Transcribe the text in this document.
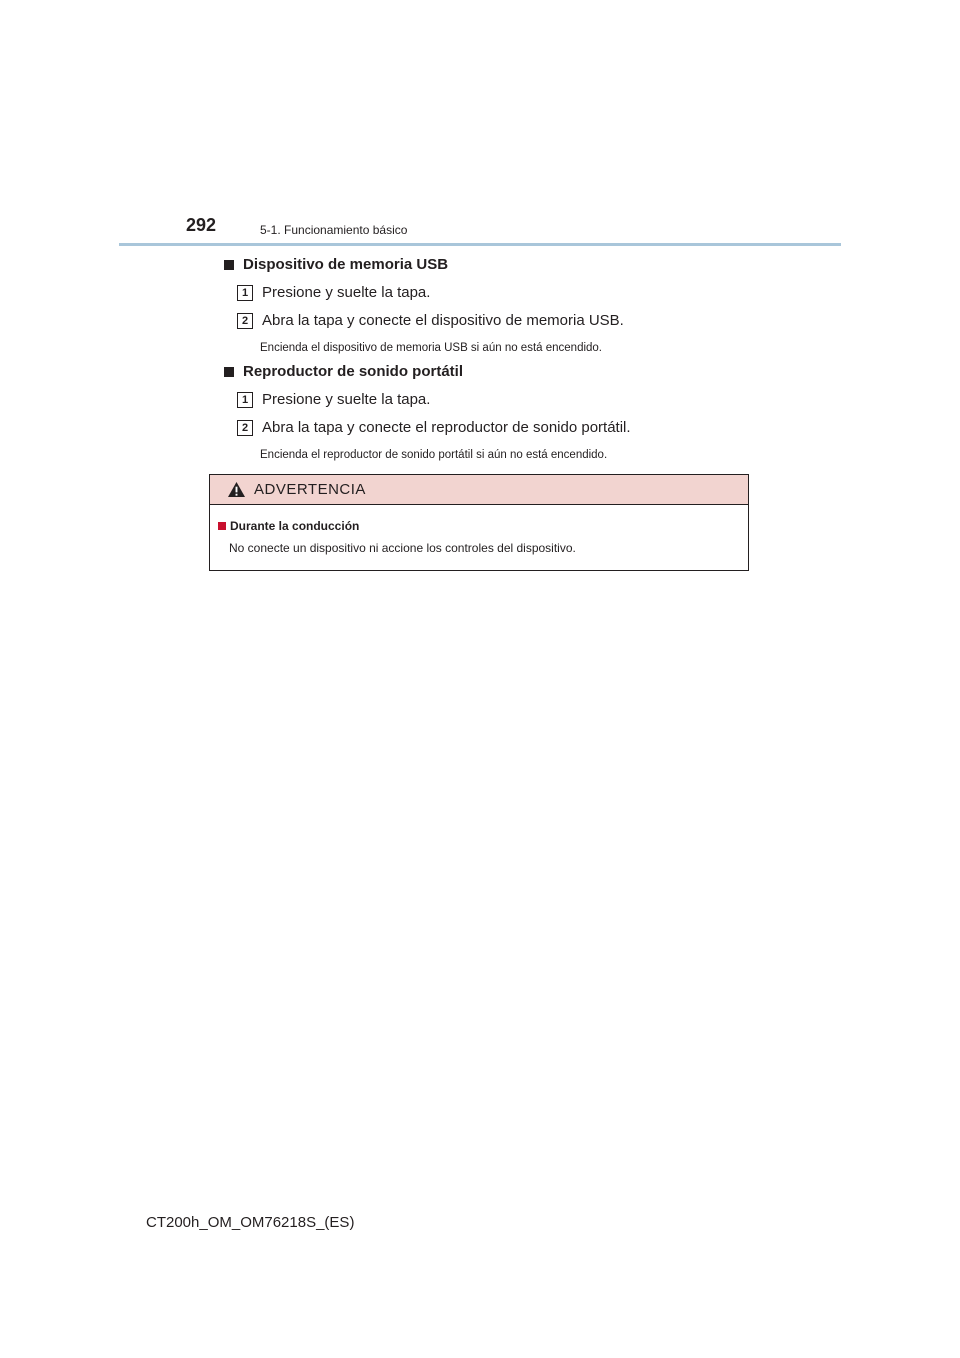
292	5-1. Funcionamiento básico
Dispositivo de memoria USB
1 Presione y suelte la tapa.
2 Abra la tapa y conecte el dispositivo de memoria USB.
Encienda el dispositivo de memoria USB si aún no está encendido.
Reproductor de sonido portátil
1 Presione y suelte la tapa.
2 Abra la tapa y conecte el reproductor de sonido portátil.
Encienda el reproductor de sonido portátil si aún no está encendido.
ADVERTENCIA
Durante la conducción
No conecte un dispositivo ni accione los controles del dispositivo.
CT200h_OM_OM76218S_(ES)
